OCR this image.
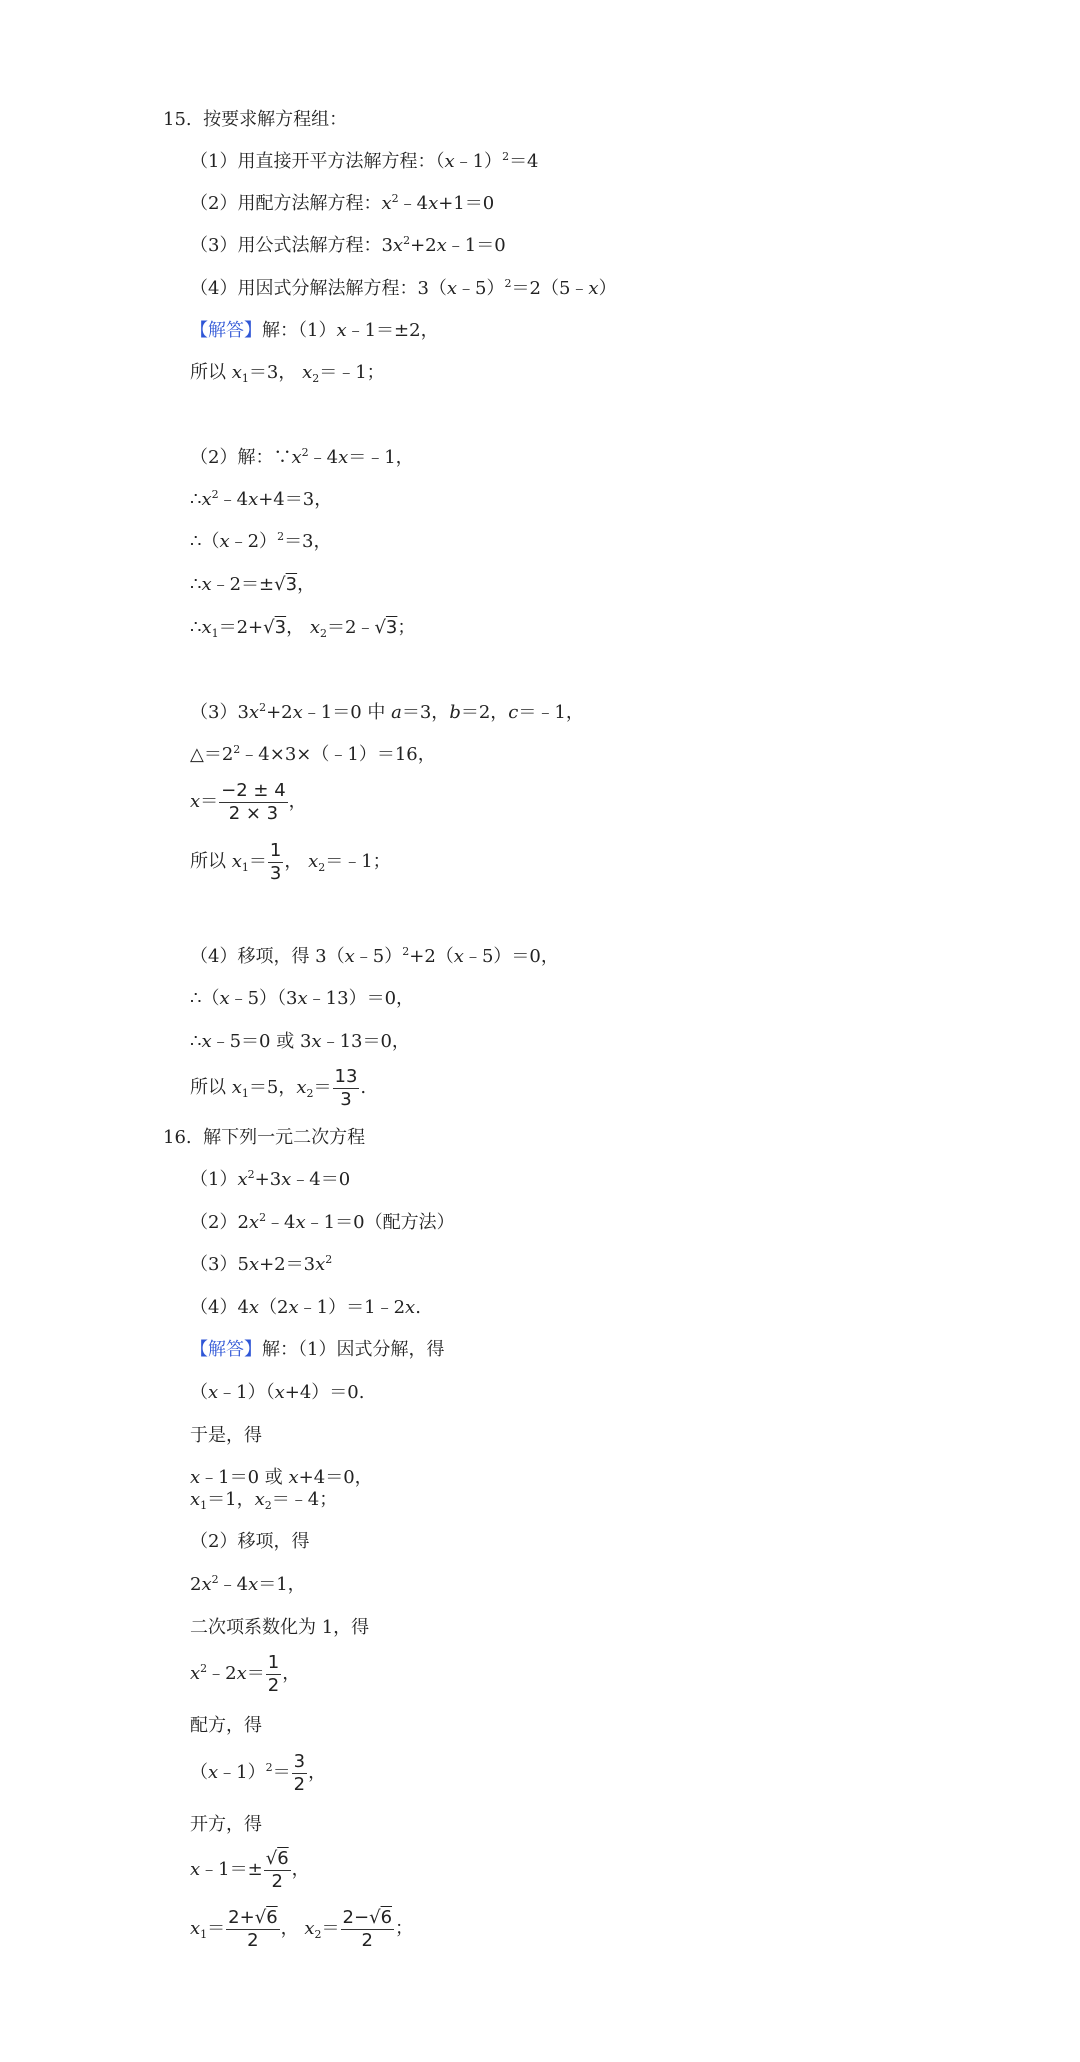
15. 按要求解方程组：
（1）用直接开平方法解方程：（x﹣1）$^2$＝4
（2）用配方法解方程：$x^2﹣4x+1=0$
（3）用公式法解方程：$3x^2+2x﹣1=0$
（4）用因式分解法解方程：3（x﹣5）$^2$＝2（5﹣x）
【解答】解：（1）x﹣1＝±2，
所以 $x_1=3$， $x_2=﹣1$；
（2）解：$\because x^2﹣4x=﹣1$，
$\therefore x^2﹣4x+4=3$，
∴（x﹣2）$^2$＝3，
∴x﹣2＝±√3，
$\therefore x_1=2+√3$， $x_2=2﹣√3$；
$(3)3x^2+2x﹣1=0$ 中 a＝3，b＝2，c＝﹣1，
$\triangle=2^2﹣4\times 3\times(﹣1)=16$，
$x= \frac{-2 \pm 4}{2 \times 3}$ ，
所以 $x_1= \frac{1}{3}$ ， $x_2=﹣1$；
（4）移项，得 3（x﹣5）$^2$+2（x﹣5）＝0，
∴（x﹣5）（3x﹣13）＝0，
∴x﹣5＝0 或 3x﹣13＝0，
所以 $x_1=5$，$x_2= \frac{13}{3}$ .
16. 解下列一元二次方程
$(1)x^2+3x﹣4=0$
$(2)2x^2﹣4x﹣1=0$（配方法）
$(3)5x+2=3x^2$
（4）4x（2x﹣1）＝1﹣2x.
【解答】解：（1）因式分解，得
（x﹣1）（x+4）＝0.
于是，得
x﹣1＝0 或 x+4＝0，
$x_1=1$，$x_2=﹣4$；
（2）移项，得
$2x^2﹣4x=1$，
二次项系数化为 1，得
$x^2﹣2x= \frac{1}{2}$ ，
配方，得
（x﹣1）$^2$＝ $\frac{3}{2}$ ，
开方，得
x﹣1＝± $\frac{√6}{2}$ ，
$x_1= \frac{2+√6}{2}$ ， $x_2= \frac{2-√6}{2}$ ；
